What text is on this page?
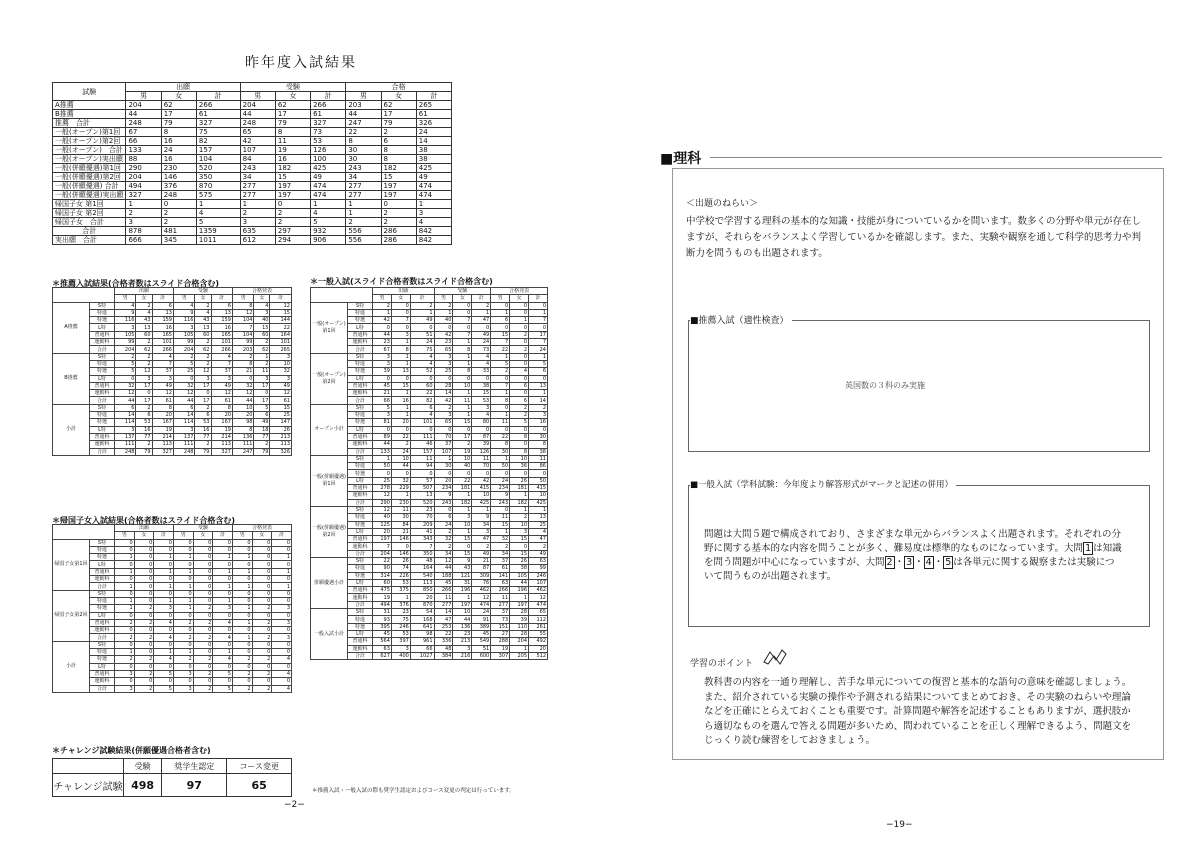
昨年度入試結果
試験	出願			受験			合格		
	男	女	計	男	女	計	男	女	計
A推薦	204	62	266	204	62	266	203	62	265
B推薦	44	17	61	44	17	61	44	17	61
推薦　合計	248	79	327	248	79	327	247	79	326
一般(オープン)第1回	67	8	75	65	8	73	22	2	24
一般(オープン)第2回	66	16	82	42	11	53	8	6	14
一般(オープン)　合計	133	24	157	107	19	126	30	8	38
一般(オープン)実出願	88	16	104	84	16	100	30	8	38
一般(併願優遇)第1回	290	230	520	243	182	425	243	182	425
一般(併願優遇)第2回	204	146	350	34	15	49	34	15	49
一般(併願優遇) 合計	494	376	870	277	197	474	277	197	474
一般(併願優遇)実出願	327	248	575	277	197	474	277	197	474
帰国子女 第1回	1	0	1	1	0	1	1	0	1
帰国子女 第2回	2	2	4	2	2	4	1	2	3
帰国子女　合計	3	2	5	3	2	5	2	2	4
合計	878	481	1359	635	297	932	556	286	842
実出願　合計	666	345	1011	612	294	906	556	286	842
＊推薦入試結果(合格者数はスライド合格含む)
		出願			受験			合格発表		
		男	女	計	男	女	計	男	女	計
A推薦	S特	4	2	6	4	2	6	8	4	12
	特進	9	4	13	9	4	13	12	3	15
	特選	116	43	159	116	43	159	104	40	144
	L特	3	13	16	3	13	16	7	15	22
	普通科	105	60	165	105	60	165	104	60	164
	運動科	99	2	101	99	2	101	99	2	101
	合計	204	62	266	204	62	266	203	62	265
B推薦	S特	2	2	4	2	2	4	2	1	3
	特進	5	2	7	5	2	7	8	2	10
	特選	5	12	37	25	12	37	21	11	32
	L特	0	3	3	0	3	3	0	3	3
	普通科	32	17	49	32	17	49	32	17	49
	運動科	12	0	12	12	0	12	12	0	12
	合計	44	17	61	44	17	61	44	17	61
小計	S特	6	2	8	6	2	8	10	5	15
	特進	14	6	20	14	6	20	20	6	25
	特選	114	53	167	114	53	167	98	49	147
	L特	3	16	19	3	16	19	8	18	26
	普通科	137	77	214	137	77	214	136	77	213
	運動科	111	2	113	111	2	113	111	2	113
	合計	248	79	327	248	79	327	247	79	326
＊帰国子女入試結果(合格者数はスライド合格含む)
		出願			受験			合格発表		
		男	女	計	男	女	計	男	女	計
帰国子女第1回	S特	0	0	0	0	0	0	0	0	0
	特進	0	0	0	0	0	0	0	0	0
	特選	1	0	1	1	0	1	1	0	1
	L特	0	0	0	0	0	0	0	0	0
	普通科	1	0	1	1	0	1	1	0	1
	運動科	0	0	0	0	0	0	0	0	0
	合計	1	0	1	1	0	1	1	0	1
帰国子女第2回	S特	0	0	0	0	0	0	0	0	0
	特進	1	0	1	1	0	1	0	0	0
	特選	1	2	3	1	2	3	1	2	3
	L特	0	0	0	0	0	0	0	0	0
	普通科	2	2	4	2	2	4	1	2	3
	運動科	0	0	0	0	0	0	0	0	0
	合計	2	2	4	2	2	4	1	2	3
小計	S特	0	0	0	0	0	0	0	0	0
	特進	1	0	1	1	0	1	0	0	0
	特選	2	2	4	2	2	4	2	2	4
	L特	0	0	0	0	0	0	0	0	0
	普通科	3	2	5	3	2	5	2	2	4
	運動科	0	0	0	0	0	0	0	0	0
	合計	3	2	5	3	2	5	2	2	4
＊チャレンジ試験結果(併願優遇合格者含む)
	受験	奨学生認定	コース変更
チャレンジ試験	498	97	65
＊一般入試(スライド合格者数はスライド合格含む)
		出願			受験			合格発表		
		男	女	計	男	女	計	男	女	計
一般(オープン)第1回	S特	2	0	2	2	0	2	0	0	0
	特進	1	0	1	1	0	1	1	0	1
	特選	42	7	49	40	7	47	6	1	7
	L特	0	0	0	0	0	0	0	0	0
	普通科	44	3	51	42	7	49	15	2	17
	運動科	23	1	24	23	1	24	7	0	7
	合計	67	8	75	65	8	73	22	2	24
一般(オープン)第2回	S特	3	1	4	3	1	4	1	0	1
	特進	3	1	4	3	1	4	5	0	5
	特選	39	13	52	25	8	33	2	4	6
	L特	0	0	0	0	0	0	0	0	0
	普通科	45	15	60	28	10	38	7	6	13
	運動科	21	1	22	14	1	15	1	0	1
	合計	66	16	82	42	11	53	8	6	14
オープン小計	S特	5	1	6	2	1	3	0	2	2
	特進	3	1	4	3	1	4	1	2	3
	特選	81	20	101	65	15	80	11	5	16
	L特	0	0	0	0	0	0	0	0	0
	普通科	89	22	111	70	17	87	22	8	30
	運動科	44	2	46	37	2	39	8	0	8
	合計	133	24	157	107	19	126	30	8	38
一般(併願優遇)第1回	S特	1	10	11	1	10	11	1	10	11
	特進	50	44	94	30	40	70	50	36	86
	特選	0	0	0	0	0	0	0	0	0
	L特	25	32	57	20	22	42	24	26	50
	普通科	278	229	507	234	181	415	234	181	415
	運動科	12	1	13	9	1	10	9	1	10
	合計	290	230	520	243	182	425	243	182	425
一般(併願優遇)第2回	S特	12	11	23	0	1	1	0	1	1
	特進	40	30	70	6	3	9	11	2	13
	特選	125	84	209	24	10	34	15	10	25
	L特	20	21	41	2	1	3	1	3	4
	普通科	197	146	343	32	15	47	32	15	47
	運動科	7	0	7	2	0	2	2	0	2
	合計	204	146	350	34	15	49	34	15	49
併願優遇小計	S特	22	26	48	12	9	21	37	26	63
	特進	90	74	164	44	43	87	61	38	99
	特選	314	226	540	188	121	309	141	105	246
	L特	60	53	113	45	31	76	63	44	107
	普通科	475	375	850	266	196	462	266	196	462
	運動科	19	1	20	11	1	12	11	1	12
	合計	494	376	870	277	197	474	277	197	474
一般入試小計	S特	31	23	54	14	10	24	37	28	65
	特進	93	75	168	47	44	91	73	39	112
	特選	395	246	641	253	136	389	151	110	261
	L特	45	53	98	22	23	45	27	28	55
	普通科	564	397	961	336	213	549	288	204	492
	運動科	63	3	66	48	3	51	19	1	20
	合計	627	400	1027	384	216	600	307	205	512
＊推薦入試・一般入試の際も奨学生認定およびコース変更の判定は行っています。
−2−
■理科
＜出題のねらい＞
中学校で学習する理科の基本的な知識・技能が身についているかを問います。数多くの分野や単元が存在しますが、それらをバランスよく学習しているかを確認します。また、実験や観察を通して科学的思考力や判断力を問うものも出題されます。
■推薦入試（適性検査）
英国数の３科のみ実施
■一般入試（学科試験：今年度より解答形式がマークと記述の併用）
問題は大問５題で構成されており、さまざまな単元からバランスよく出題されます。それぞれの分野に関する基本的な内容を問うことが多く、難易度は標準的なものになっています。大問 1 は知識を問う問題が中心になっていますが、大問 2 ・ 3 ・ 4 ・ 5 は各単元に関する観察または実験について問うものが出題されます。
学習のポイント
教科書の内容を一通り理解し、苦手な単元についての復習と基本的な語句の意味を確認しましょう。また、紹介されている実験の操作や予測される結果についてまとめておき、その実験のねらいや理論などを正確にとらえておくことも重要です。計算問題や解答を記述することもありますが、選択肢から適切なものを選んで答える問題が多いため、問われていることを正しく理解できるよう、問題文をじっくり読む練習をしておきましょう。
−19−
